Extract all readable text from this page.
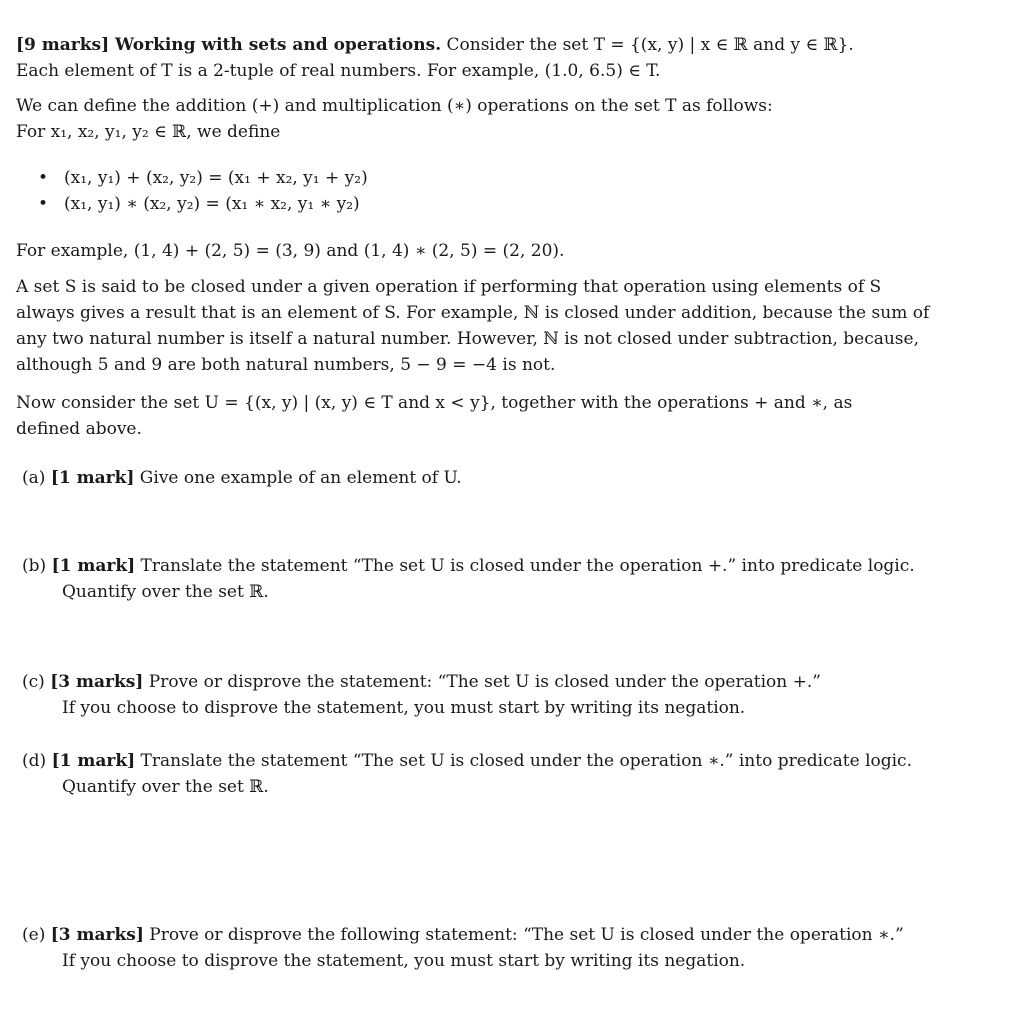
[9 marks] Working with sets and operations. Consider the set T = {(x, y) | x ∈ ℝ and y ∈ ℝ}.
Each element of T is a 2-tuple of real numbers. For example, (1.0, 6.5) ∈ T.
We can define the addition (+) and multiplication (∗) operations on the set T as follows:
For x₁, x₂, y₁, y₂ ∈ ℝ, we define
• (x₁, y₁) + (x₂, y₂) = (x₁ + x₂, y₁ + y₂)
• (x₁, y₁) ∗ (x₂, y₂) = (x₁ ∗ x₂, y₁ ∗ y₂)
For example, (1, 4) + (2, 5) = (3, 9) and (1, 4) ∗ (2, 5) = (2, 20).
A set S is said to be closed under a given operation if performing that operation using elements of S
always gives a result that is an element of S. For example, ℕ is closed under addition, because the sum of
any two natural number is itself a natural number. However, ℕ is not closed under subtraction, because,
although 5 and 9 are both natural numbers, 5 − 9 = −4 is not.
Now consider the set U = {(x, y) | (x, y) ∈ T and x < y}, together with the operations + and ∗, as
defined above.
(a) [1 mark] Give one example of an element of U.
(b) [1 mark] Translate the statement “The set U is closed under the operation +.” into predicate logic.
Quantify over the set ℝ.
(c) [3 marks] Prove or disprove the statement: “The set U is closed under the operation +.”
If you choose to disprove the statement, you must start by writing its negation.
(d) [1 mark] Translate the statement “The set U is closed under the operation ∗.” into predicate logic.
Quantify over the set ℝ.
(e) [3 marks] Prove or disprove the following statement: “The set U is closed under the operation ∗.”
If you choose to disprove the statement, you must start by writing its negation.
